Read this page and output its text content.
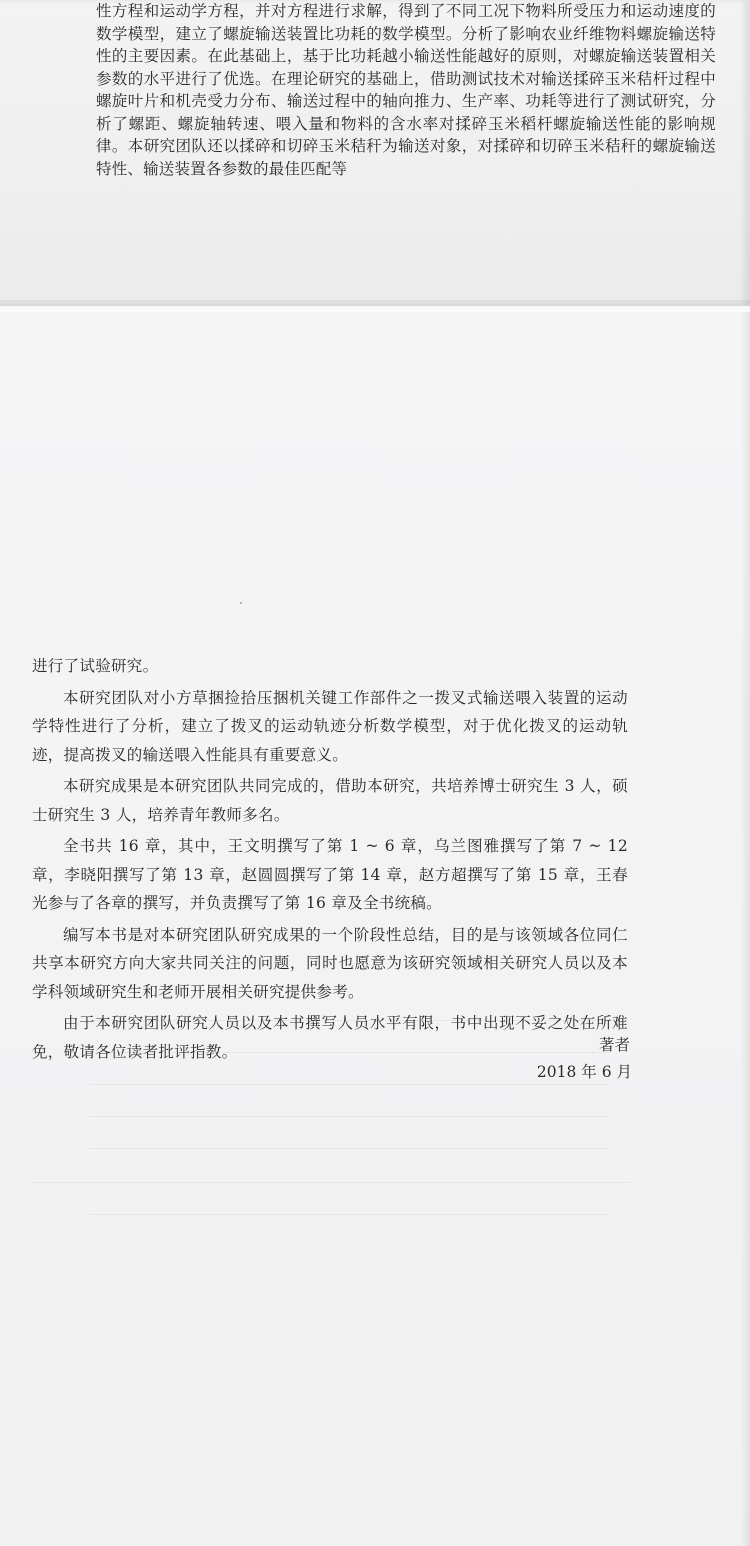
性方程和运动学方程，并对方程进行求解，得到了不同工况下物料所受压力和运动速度的数学模型，建立了螺旋输送装置比功耗的数学模型。分析了影响农业纤维物料螺旋输送特性的主要因素。在此基础上，基于比功耗越小输送性能越好的原则，对螺旋输送装置相关参数的水平进行了优选。在理论研究的基础上，借助测试技术对输送揉碎玉米秸杆过程中螺旋叶片和机壳受力分布、输送过程中的轴向推力、生产率、功耗等进行了测试研究，分析了螺距、螺旋轴转速、喂入量和物料的含水率对揉碎玉米稻杆螺旋输送性能的影响规律。本研究团队还以揉碎和切碎玉米秸秆为输送对象，对揉碎和切碎玉米秸秆的螺旋输送特性、输送装置各参数的最佳匹配等

进行了试验研究。

本研究团队对小方草捆捡拾压捆机关键工作部件之一拨叉式输送喂入装置的运动学特性进行了分析，建立了拨叉的运动轨迹分析数学模型，对于优化拨叉的运动轨迹，提高拨叉的输送喂入性能具有重要意义。

本研究成果是本研究团队共同完成的，借助本研究，共培养博士研究生 3 人，硕士研究生 3 人，培养青年教师多名。

全书共 16 章，其中，王文明撰写了第 1 ~ 6 章，乌兰图雅撰写了第 7 ~ 12 章，李晓阳撰写了第 13 章，赵圆圆撰写了第 14 章，赵方超撰写了第 15 章，王春光参与了各章的撰写，并负责撰写了第 16 章及全书统稿。

编写本书是对本研究团队研究成果的一个阶段性总结，目的是与该领域各位同仁共享本研究方向大家共同关注的问题，同时也愿意为该研究领域相关研究人员以及本学科领域研究生和老师开展相关研究提供参考。

由于本研究团队研究人员以及本书撰写人员水平有限，书中出现不妥之处在所难免，敬请各位读者批评指教。	著者
2018 年 6 月
